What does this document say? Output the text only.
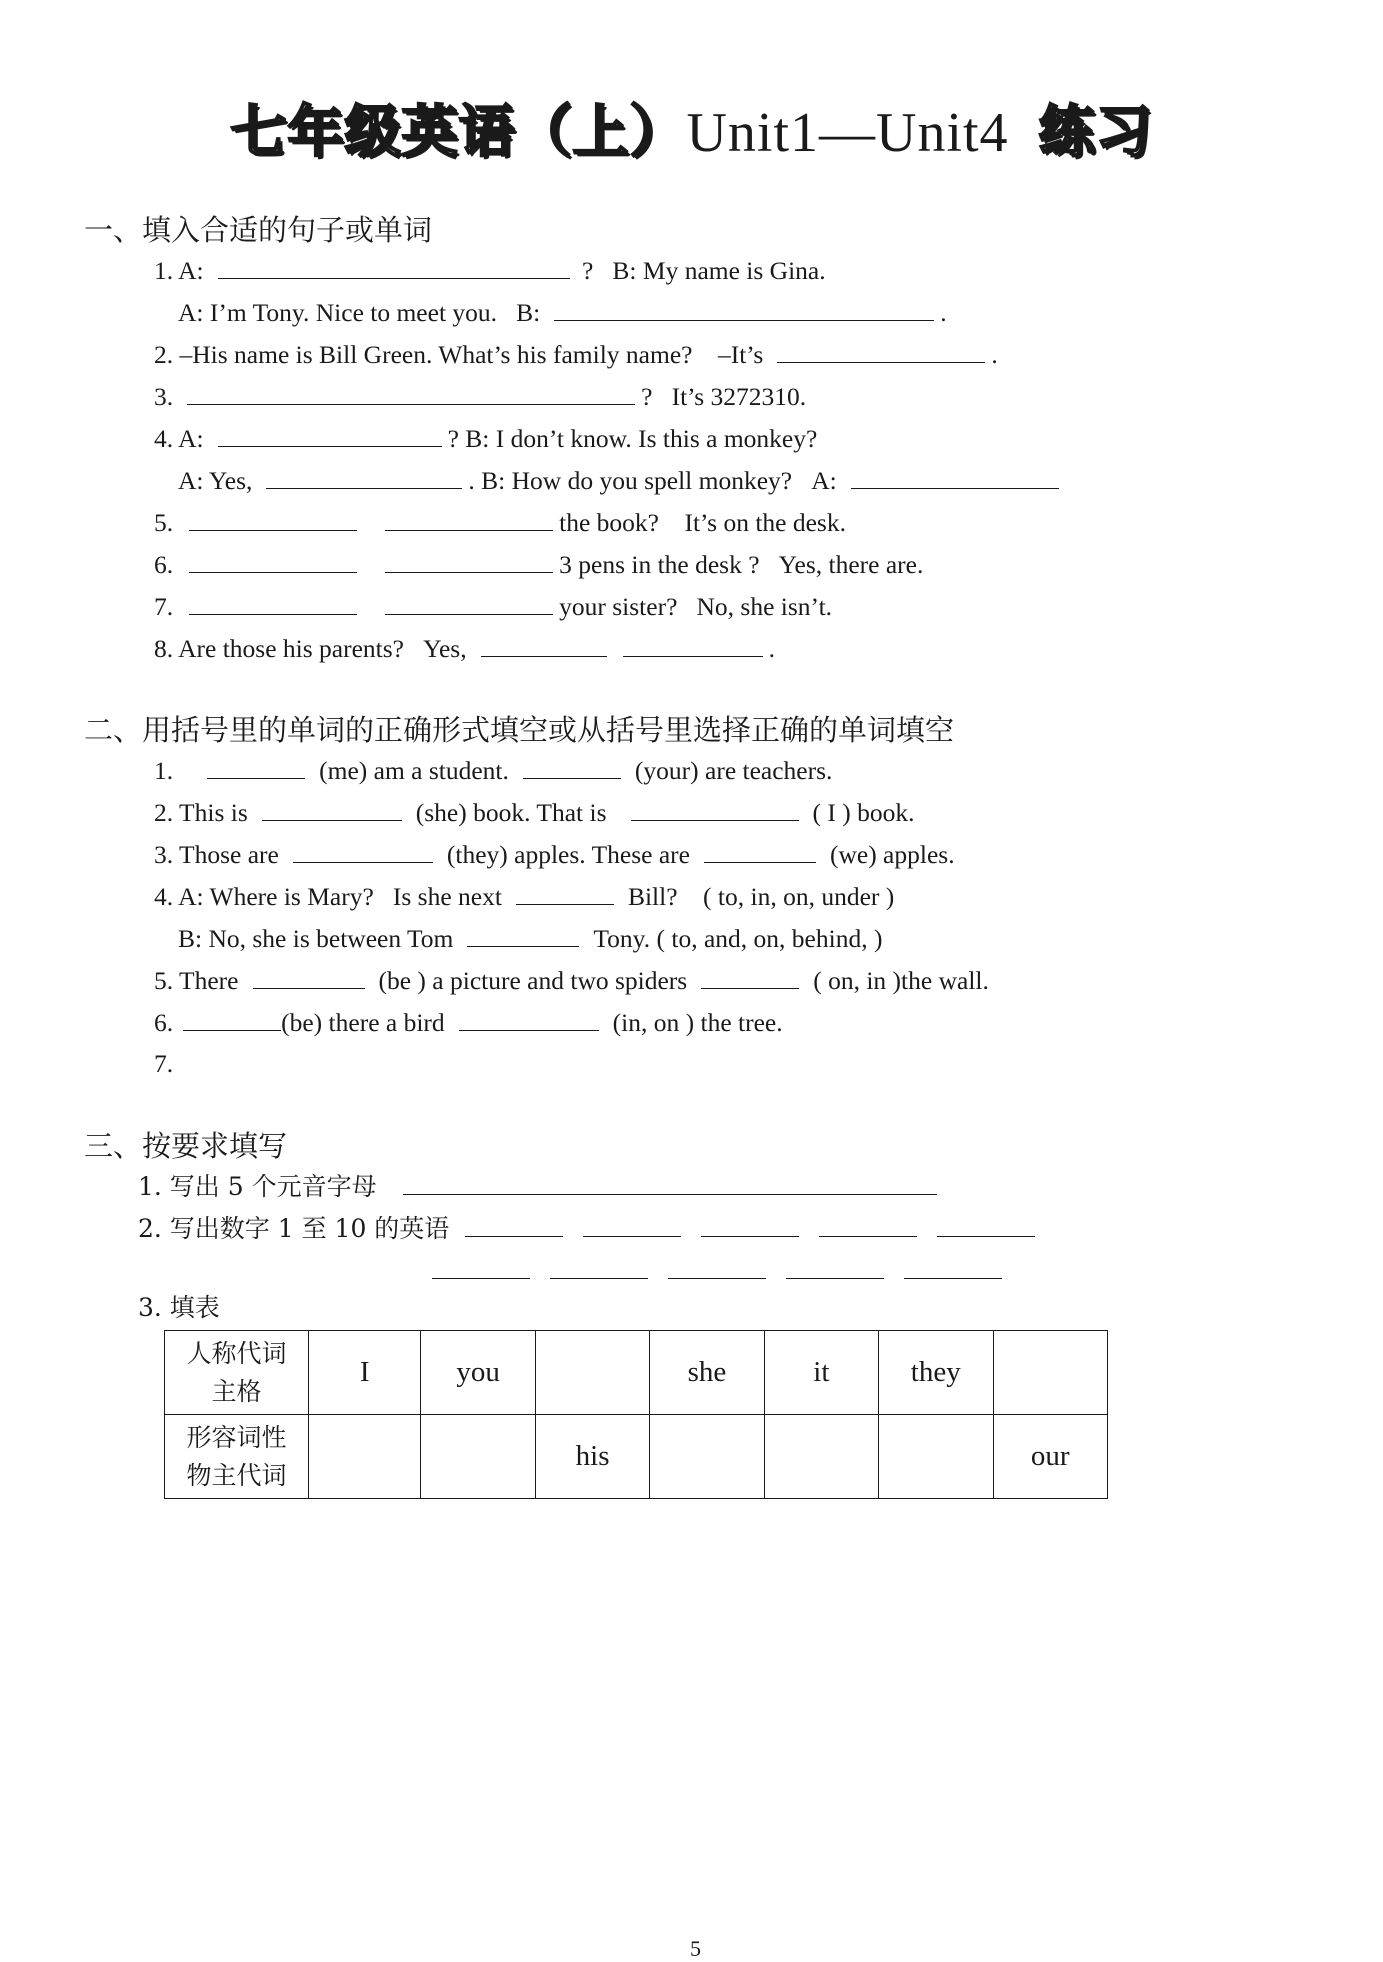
七年级英语（上）Unit1—Unit4 练习
一、填入合适的句子或单词
1. A:	? B: My name is Gina.
A: I’m Tony. Nice to meet you. B:	.
2. –His name is Bill Green. What’s his family name? –It’s	.
3.	? It’s 3272310.
4. A:	? B: I don’t know. Is this a monkey?
A: Yes,	. B: How do you spell monkey? A:
5.	the book? It’s on the desk.
6.	3 pens in the desk ? Yes, there are.
7.	your sister? No, she isn’t.
8. Are those his parents? Yes,	.
二、用括号里的单词的正确形式填空或从括号里选择正确的单词填空
1.	(me) am a student.	(your) are teachers.
2. This is	(she) book. That is	( I ) book.
3. Those are	(they) apples. These are	(we) apples.
4. A: Where is Mary? Is she next	Bill? ( to, in, on, under )
B: No, she is between Tom	Tony. ( to, and, on, behind, )
5. There	(be ) a picture and two spiders	( on, in )the wall.
6.	(be) there a bird	(in, on ) the tree.
7.
三、按要求填写
1. 写出 5 个元音字母
2. 写出数字 1 至 10 的英语
3. 填表
人称代词
主格	I	you		she	it	they	
形容词性
物主代词			his				our
5
